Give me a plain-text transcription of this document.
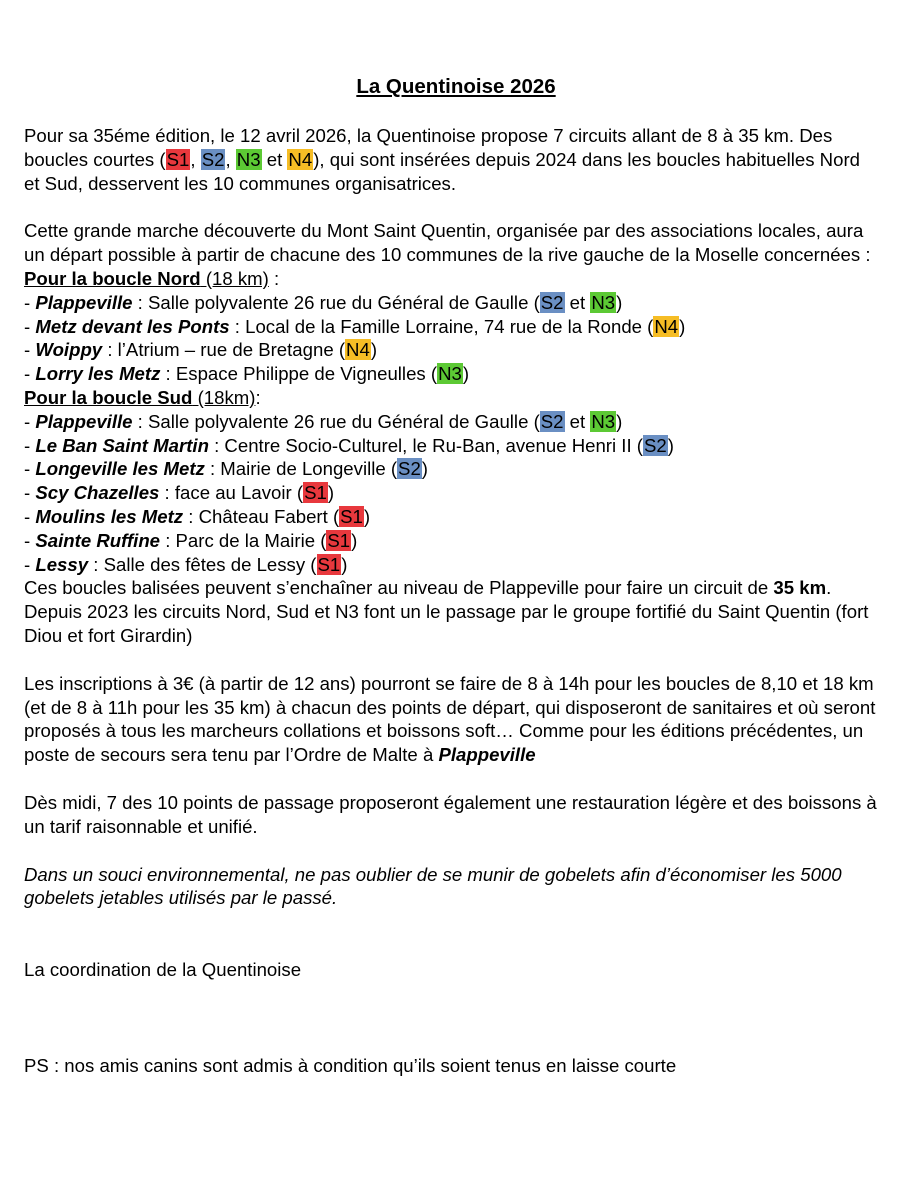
La Quentinoise 2026

Pour sa 35éme édition, le 12 avril 2026, la Quentinoise propose 7 circuits allant de 8 à 35 km. Des boucles courtes (S1, S2, N3 et N4), qui sont insérées depuis 2024 dans les boucles habituelles Nord et Sud, desservent les 10 communes organisatrices.

Cette grande marche découverte du Mont Saint Quentin, organisée par des associations locales, aura un départ possible à partir de chacune des 10 communes de la rive gauche de la Moselle concernées :

Pour la boucle Nord (18 km) :

- Plappeville : Salle polyvalente 26 rue du Général de Gaulle (S2 et N3)

- Metz devant les Ponts : Local de la Famille Lorraine, 74 rue de la Ronde (N4)

- Woippy : l’Atrium – rue de Bretagne (N4)

- Lorry les Metz : Espace Philippe de Vigneulles (N3)

Pour la boucle Sud (18km):

- Plappeville : Salle polyvalente 26 rue du Général de Gaulle (S2 et N3)

- Le Ban Saint Martin : Centre Socio-Culturel, le Ru-Ban, avenue Henri II (S2)

- Longeville les Metz : Mairie de Longeville (S2)

- Scy Chazelles : face au Lavoir (S1)

- Moulins les Metz : Château Fabert (S1)

- Sainte Ruffine : Parc de la Mairie (S1)

- Lessy : Salle des fêtes de Lessy (S1)

Ces boucles balisées peuvent s’enchaîner au niveau de Plappeville pour faire un circuit de 35 km.

Depuis 2023 les circuits Nord, Sud et N3 font un le passage par le groupe fortifié du Saint Quentin (fort Diou et fort Girardin)

Les inscriptions à 3€ (à partir de 12 ans) pourront se faire de 8 à 14h pour les boucles de 8,10 et 18 km (et de 8 à 11h pour les 35 km) à chacun des points de départ, qui disposeront de sanitaires et où seront proposés à tous les marcheurs collations et boissons soft… Comme pour les éditions précédentes, un poste de secours sera tenu par l’Ordre de Malte à Plappeville

Dès midi, 7 des 10 points de passage proposeront également une restauration légère et des boissons à un tarif raisonnable et unifié.

Dans un souci environnemental, ne pas oublier de se munir de gobelets afin d’économiser les 5000 gobelets jetables utilisés par le passé.

La coordination de la Quentinoise

PS : nos amis canins sont admis à condition qu’ils soient tenus en laisse courte
